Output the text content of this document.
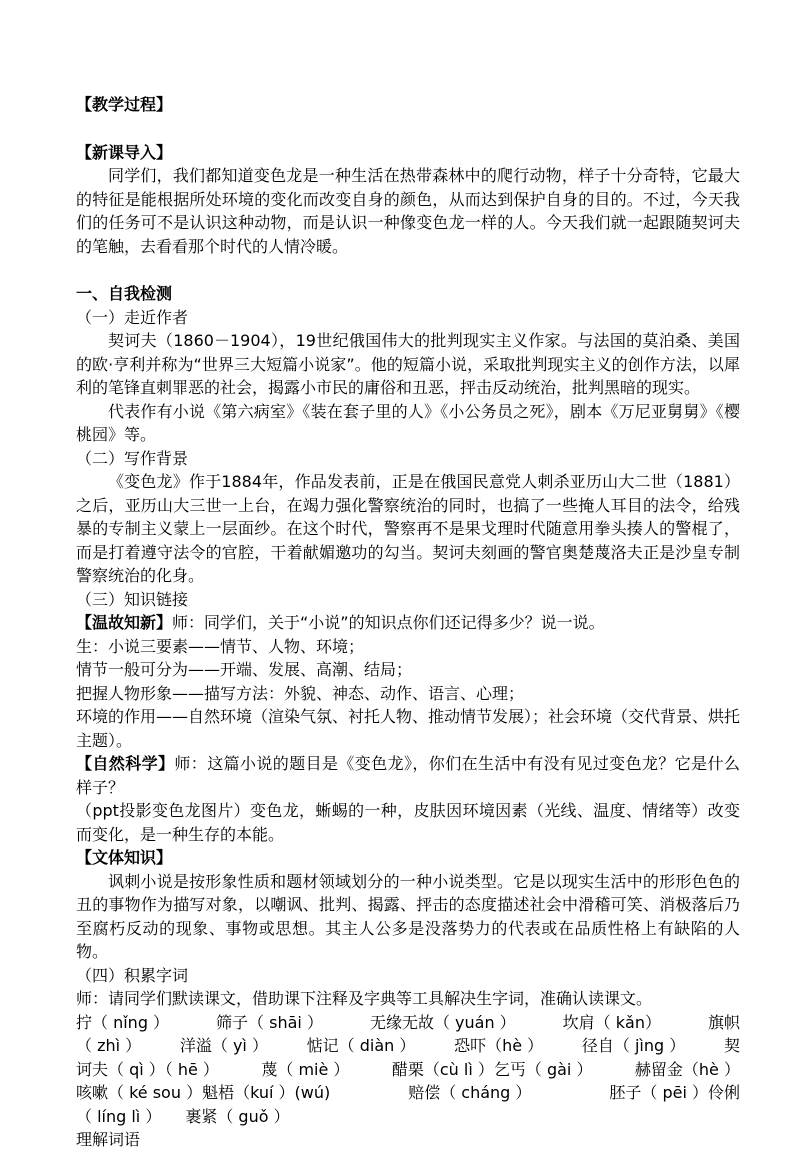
【教学过程】

【新课导入】

同学们，我们都知道变色龙是一种生活在热带森林中的爬行动物，样子十分奇特，它最大的特征是能根据所处环境的变化而改变自身的颜色，从而达到保护自身的目的。不过，今天我们的任务可不是认识这种动物，而是认识一种像变色龙一样的人。今天我们就一起跟随契诃夫的笔触，去看看那个时代的人情冷暖。

一、自我检测

（一）走近作者

契诃夫（1860－1904），19世纪俄国伟大的批判现实主义作家。与法国的莫泊桑、美国的欧·亨利并称为“世界三大短篇小说家”。他的短篇小说，采取批判现实主义的创作方法，以犀利的笔锋直刺罪恶的社会，揭露小市民的庸俗和丑恶，抨击反动统治，批判黑暗的现实。

代表作有小说《第六病室》《装在套子里的人》《小公务员之死》，剧本《万尼亚舅舅》《樱桃园》等。

（二）写作背景

《变色龙》作于1884年，作品发表前，正是在俄国民意党人刺杀亚历山大二世（1881）之后，亚历山大三世一上台，在竭力强化警察统治的同时，也搞了一些掩人耳目的法令，给残暴的专制主义蒙上一层面纱。在这个时代，警察再不是果戈理时代随意用拳头揍人的警棍了，而是打着遵守法令的官腔，干着献媚邀功的勾当。契诃夫刻画的警官奥楚蔑洛夫正是沙皇专制警察统治的化身。

（三）知识链接

【温故知新】师：同学们，关于“小说”的知识点你们还记得多少？说一说。

生：小说三要素——情节、人物、环境；

情节一般可分为——开端、发展、高潮、结局；

把握人物形象——描写方法：外貌、神态、动作、语言、心理；

环境的作用——自然环境（渲染气氛、衬托人物、推动情节发展）；社会环境（交代背景、烘托主题）。

【自然科学】师：这篇小说的题目是《变色龙》，你们在生活中有没有见过变色龙？它是什么样子？

（ppt投影变色龙图片）变色龙，蜥蜴的一种，皮肤因环境因素（光线、温度、情绪等）改变而变化，是一种生存的本能。

【文体知识】

讽刺小说是按形象性质和题材领域划分的一种小说类型。它是以现实生活中的形形色色的丑的事物作为描写对象，以嘲讽、批判、揭露、抨击的态度描述社会中滑稽可笑、消极落后乃至腐朽反动的现象、事物或思想。其主人公多是没落势力的代表或在品质性格上有缺陷的人物。

（四）积累字词

师：请同学们默读课文，借助课下注释及字典等工具解决生字词，准确认读课文。

拧（ nǐng ）	筛子（ shāi ）	无缘无故（ yuán ）	坎肩（ kǎn）	旗帜
（ zhì ） 洋溢（ yì ） 惦记（ diàn ） 恐吓（hè ） 径自（ jìng ） 契
诃夫（ qì ）（ hē ）	蔑（ miè ）	醋栗（cù lì ）乞丐（ gài ）	赫留金（hè ）
咳嗽（ ké sou ）魁梧（kuí ）(wú)	赔偿（ cháng ）	胚子（ pēi ）伶俐
（ líng lì ） 裹紧（ guǒ ）

理解词语
